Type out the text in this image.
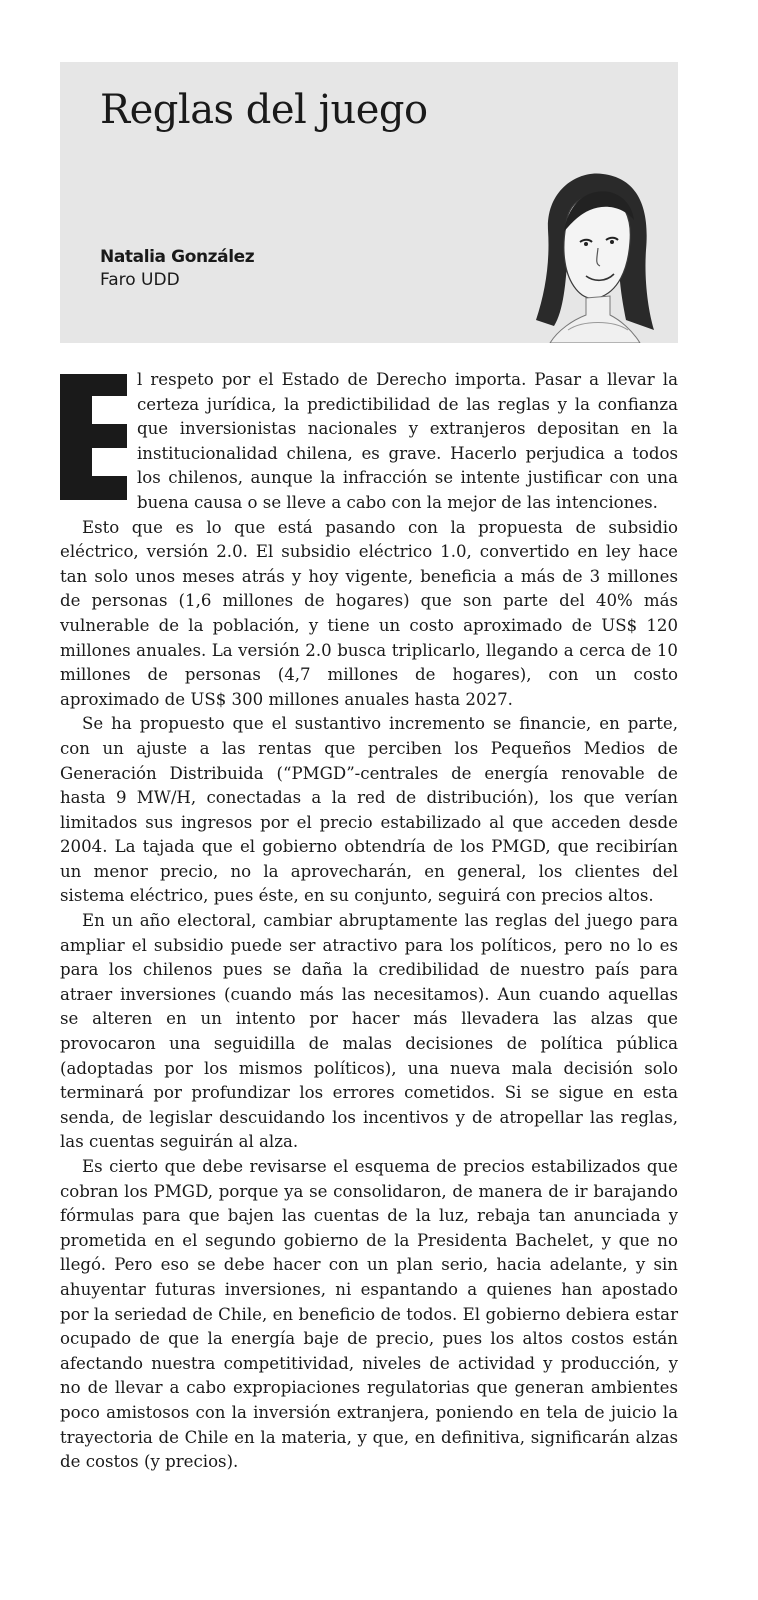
Reglas del juego
Natalia González
Faro UDD

l respeto por el Estado de Derecho importa. Pasar a llevar la certeza jurídica, la predictibilidad de las reglas y la confianza que inversionistas nacionales y extranjeros depositan en la institucionalidad chilena, es grave. Hacerlo perjudica a todos los chilenos, aunque la infracción se intente justificar con una buena causa o se lleve a cabo con la mejor de las intenciones.

Esto que es lo que está pasando con la propuesta de subsidio eléctrico, versión 2.0. El subsidio eléctrico 1.0, convertido en ley hace tan solo unos meses atrás y hoy vigente, beneficia a más de 3 millones de personas (1,6 millones de hogares) que son parte del 40% más vulnerable de la población, y tiene un costo aproximado de US$ 120 millones anuales. La versión 2.0 busca triplicarlo, llegando a cerca de 10 millones de personas (4,7 millones de hogares), con un costo aproximado de US$ 300 millones anuales hasta 2027.

Se ha propuesto que el sustantivo incremento se financie, en parte, con un ajuste a las rentas que perciben los Pequeños Medios de Generación Distribuida (“PMGD”-centrales de energía renovable de hasta 9 MW/H, conectadas a la red de distribución), los que verían limitados sus ingresos por el precio estabilizado al que acceden desde 2004. La tajada que el gobierno obtendría de los PMGD, que recibirían un menor precio, no la aprovecharán, en general, los clientes del sistema eléctrico, pues éste, en su conjunto, seguirá con precios altos.

En un año electoral, cambiar abruptamente las reglas del juego para ampliar el subsidio puede ser atractivo para los políticos, pero no lo es para los chilenos pues se daña la credibilidad de nuestro país para atraer inversiones (cuando más las necesitamos). Aun cuando aquellas se alteren en un intento por hacer más llevadera las alzas que provocaron una seguidilla de malas decisiones de política pública (adoptadas por los mismos políticos), una nueva mala decisión solo terminará por profundizar los errores cometidos. Si se sigue en esta senda, de legislar descuidando los incentivos y de atropellar las reglas, las cuentas seguirán al alza.

Es cierto que debe revisarse el esquema de precios estabilizados que cobran los PMGD, porque ya se consolidaron, de manera de ir barajando fórmulas para que bajen las cuentas de la luz, rebaja tan anunciada y prometida en el segundo gobierno de la Presidenta Bachelet, y que no llegó. Pero eso se debe hacer con un plan serio, hacia adelante, y sin ahuyentar futuras inversiones, ni espantando a quienes han apostado por la seriedad de Chile, en beneficio de todos. El gobierno debiera estar ocupado de que la energía baje de precio, pues los altos costos están afectando nuestra competitividad, niveles de actividad y producción, y no de llevar a cabo expropiaciones regulatorias que generan ambientes poco amistosos con la inversión extranjera, poniendo en tela de juicio la trayectoria de Chile en la materia, y que, en definitiva, significarán alzas de costos (y precios).
